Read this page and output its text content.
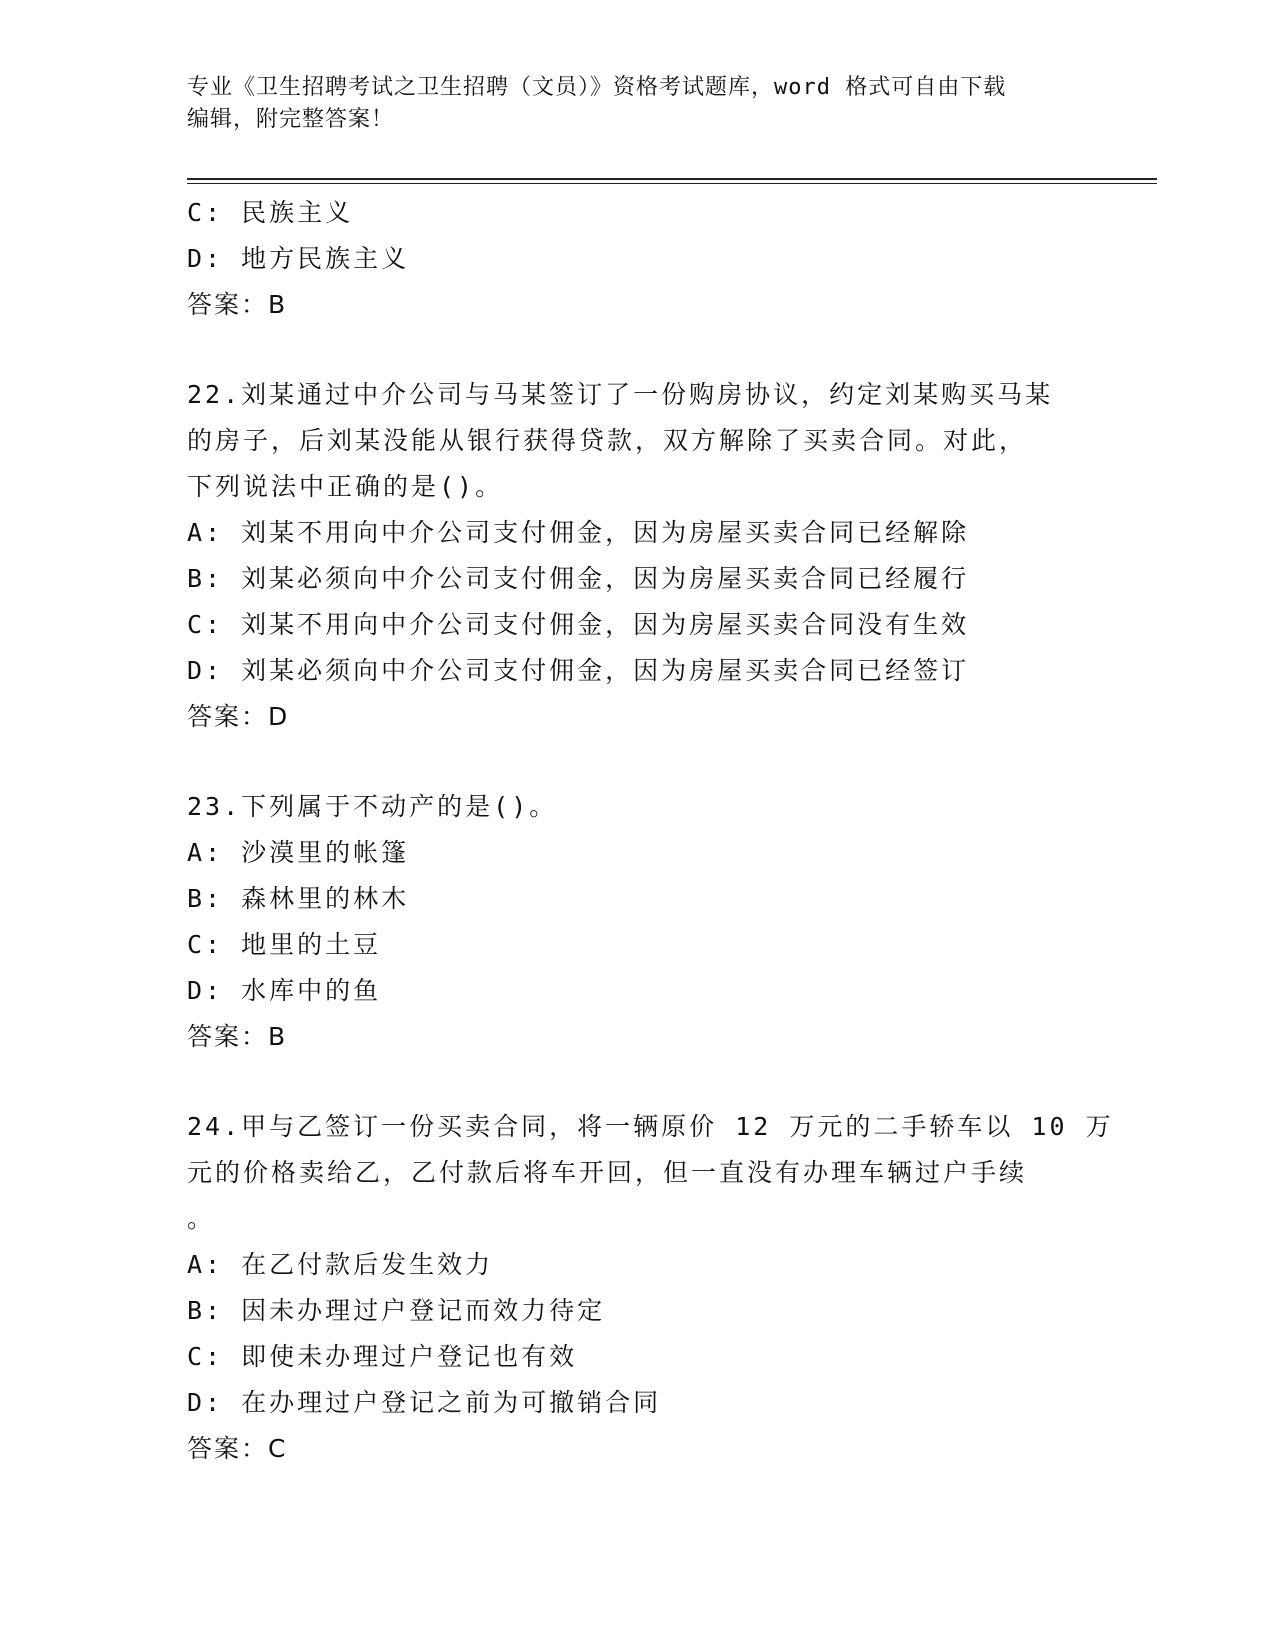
专业《卫生招聘考试之卫生招聘（文员）》资格考试题库，word 格式可自由下载
编辑，附完整答案！
C: 民族主义
D: 地方民族主义
答案：B
22.刘某通过中介公司与马某签订了一份购房协议，约定刘某购买马某
的房子，后刘某没能从银行获得贷款，双方解除了买卖合同。对此，
下列说法中正确的是()。
A: 刘某不用向中介公司支付佣金，因为房屋买卖合同已经解除
B: 刘某必须向中介公司支付佣金，因为房屋买卖合同已经履行
C: 刘某不用向中介公司支付佣金，因为房屋买卖合同没有生效
D: 刘某必须向中介公司支付佣金，因为房屋买卖合同已经签订
答案：D
23.下列属于不动产的是()。
A: 沙漠里的帐篷
B: 森林里的林木
C: 地里的土豆
D: 水库中的鱼
答案：B
24.甲与乙签订一份买卖合同，将一辆原价 12 万元的二手轿车以 10 万
元的价格卖给乙，乙付款后将车开回，但一直没有办理车辆过户手续
。
A: 在乙付款后发生效力
B: 因未办理过户登记而效力待定
C: 即使未办理过户登记也有效
D: 在办理过户登记之前为可撤销合同
答案：C
